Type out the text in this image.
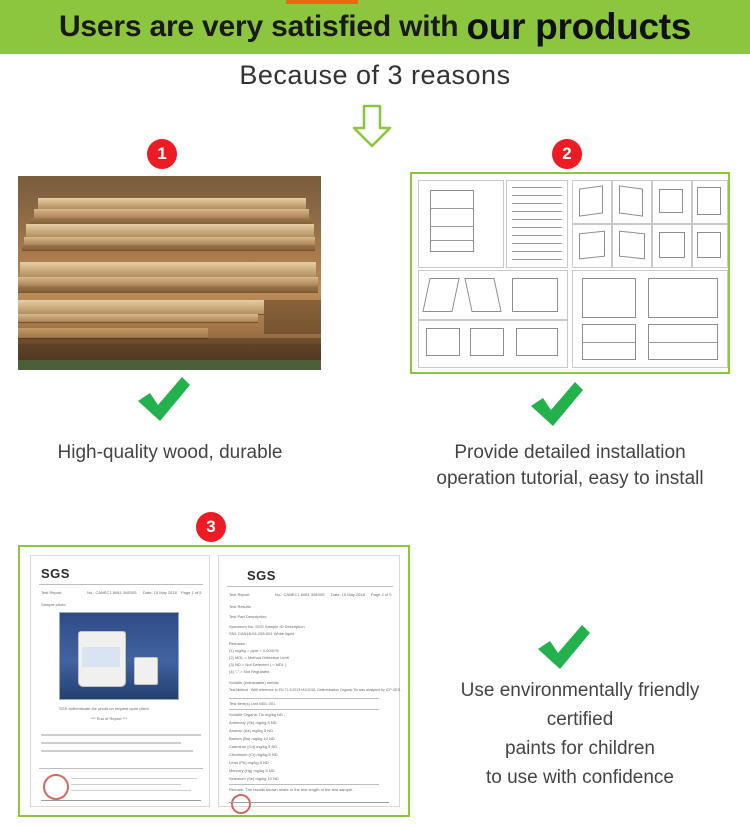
Users are very satisfied with our products
Because of 3 reasons
1	2
3
SGS
Test Report	No.: CANEC1 8081 30830S Date: 15 May 2018 Page 1 of 5
Sample photo
SGS authenticate the photo on request upon client
*** End of Report ***
SGS
Test Report	No.: CANEC1 8081 30830S Date: 15 May 2018 Page 2 of 5
Test Results
Test Part Description:
Specimen No. SGS Sample ID Description
SN1 CAN18-04-208-001 White liquid
Remarks :
(1) mg/kg = ppm = 0.0001%
(2) MDL = Method Detection Limit
(3) ND = Not Detected ( < MDL )
(4) "-" = Not Regulated
Soluble (extractable) metals
Test Method : With reference to EN 71-3:2013+A3:2018, Determination Organic Tin was analyzed by ICP-OES.
Test Item(s) Unit MDL 001
Soluble Organic Tin mg/kg ND -
Antimony (Sb) mg/kg 5 ND
Arsenic (As) mg/kg 5 ND
Barium (Ba) mg/kg 10 ND
Cadmium (Cd) mg/kg 5 ND
Chromium (Cr) mg/kg 5 ND
Lead (Pb) mg/kg 5 ND
Mercury (Hg) mg/kg 5 ND
Selenium (Se) mg/kg 10 ND
Remark: The results shown relate to the test length of the test sample.
High-quality wood, durable	Provide detailed installation
operation tutorial, easy to install
Use environmentally friendly
certified
paints for children
to use with confidence
